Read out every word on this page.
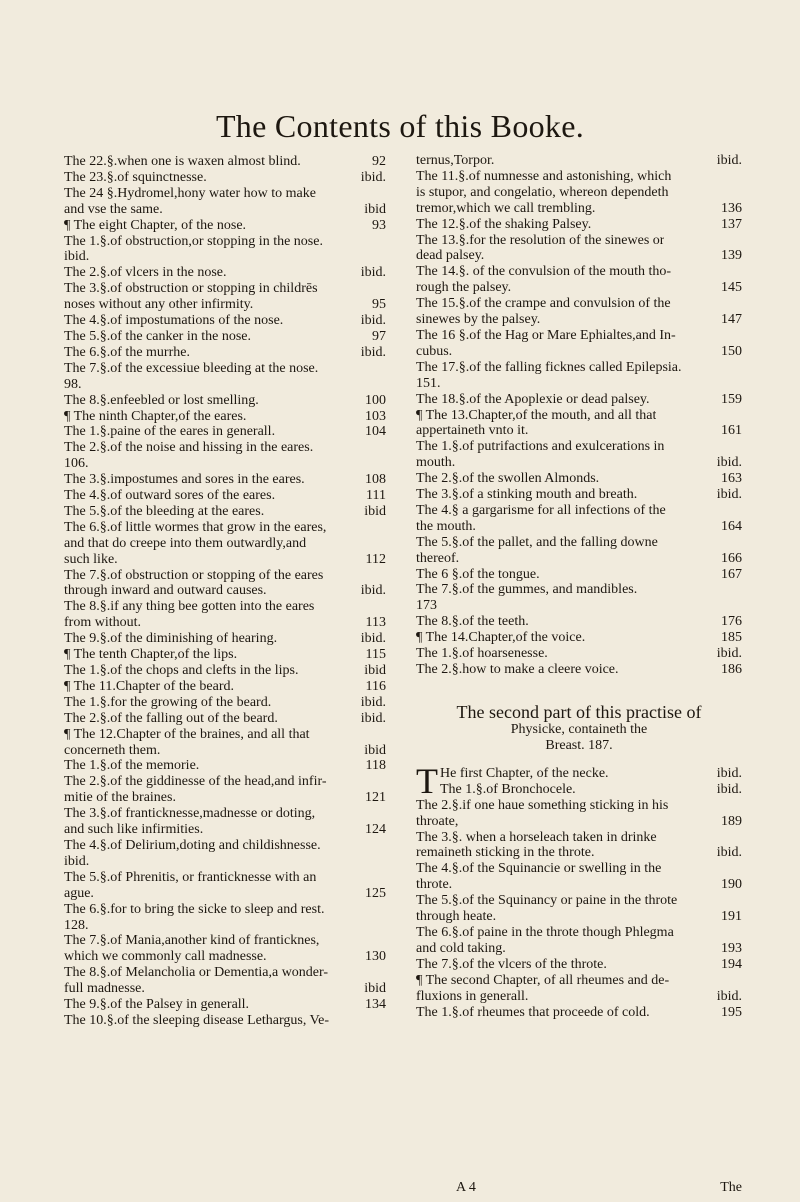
The Contents of this Booke.
The 22.§.when one is waxen almost blind.	92
The 23.§.of squinctnesse.	ibid.
The 24 §.Hydromel,hony water how to make
and vse the same.	ibid
¶ The eight Chapter, of the nose.	93
The 1.§.of obstruction,or stopping in the nose.
ibid.
The 2.§.of vlcers in the nose.	ibid.
The 3.§.of obstruction or stopping in childrēs
noses without any other infirmity.	95
The 4.§.of impostumations of the nose.	ibid.
The 5.§.of the canker in the nose.	97
The 6.§.of the murrhe.	ibid.
The 7.§.of the excessiue bleeding at the nose.
98.
The 8.§.enfeebled or lost smelling.	100
¶ The ninth Chapter,of the eares.	103
The 1.§.paine of the eares in generall.	104
The 2.§.of the noise and hissing in the eares.
106.
The 3.§.impostumes and sores in the eares.	108
The 4.§.of outward sores of the eares.	111
The 5.§.of the bleeding at the eares.	ibid
The 6.§.of little wormes that grow in the eares,
and that do creepe into them outwardly,and
such like.	112
The 7.§.of obstruction or stopping of the eares
through inward and outward causes.	ibid.
The 8.§.if any thing bee gotten into the eares
from without.	113
The 9.§.of the diminishing of hearing.	ibid.
¶ The tenth Chapter,of the lips.	115
The 1.§.of the chops and clefts in the lips.	ibid
¶ The 11.Chapter of the beard.	116
The 1.§.for the growing of the beard.	ibid.
The 2.§.of the falling out of the beard.	ibid.
¶ The 12.Chapter of the braines, and all that
concerneth them.	ibid
The 1.§.of the memorie.	118
The 2.§.of the giddinesse of the head,and infir-
mitie of the braines.	121
The 3.§.of franticknesse,madnesse or doting,
and such like infirmities.	124
The 4.§.of Delirium,doting and childishnesse.
ibid.
The 5.§.of Phrenitis, or franticknesse with an
ague.	125
The 6.§.for to bring the sicke to sleep and rest.
128.
The 7.§.of Mania,another kind of franticknes,
which we commonly call madnesse.	130
The 8.§.of Melancholia or Dementia,a wonder-
full madnesse.	ibid
The 9.§.of the Palsey in generall.	134
The 10.§.of the sleeping disease Lethargus, Ve-
ternus,Torpor.	ibid.
The 11.§.of numnesse and astonishing, which
is stupor, and congelatio, whereon dependeth
tremor,which we call trembling.	136
The 12.§.of the shaking Palsey.	137
The 13.§.for the resolution of the sinewes or
dead palsey.	139
The 14.§. of the convulsion of the mouth tho-
rough the palsey.	145
The 15.§.of the crampe and convulsion of the
sinewes by the palsey.	147
The 16 §.of the Hag or Mare Ephialtes,and In-
cubus.	150
The 17.§.of the falling ficknes called Epilepsia.
151.
The 18.§.of the Apoplexie or dead palsey.	159
¶ The 13.Chapter,of the mouth, and all that
appertaineth vnto it.	161
The 1.§.of putrifactions and exulcerations in
mouth.	ibid.
The 2.§.of the swollen Almonds.	163
The 3.§.of a stinking mouth and breath.	ibid.
The 4.§ a gargarisme for all infections of the
the mouth.	164
The 5.§.of the pallet, and the falling downe
thereof.	166
The 6 §.of the tongue.	167
The 7.§.of the gummes, and mandibles.
173
The 8.§.of the teeth.	176
¶ The 14.Chapter,of the voice.	185
The 1.§.of hoarsenesse.	ibid.
The 2.§.how to make a cleere voice.	186
The second part of this practise of
Physicke, containeth the
Breast. 187.
T He first Chapter, of the necke.	ibid.
The 1.§.of Bronchocele.	ibid.
The 2.§.if one haue something sticking in his
throate,	189
The 3.§. when a horseleach taken in drinke
remaineth sticking in the throte.	ibid.
The 4.§.of the Squinancie or swelling in the
throte.	190
The 5.§.of the Squinancy or paine in the throte
through heate.	191
The 6.§.of paine in the throte though Phlegma
and cold taking.	193
The 7.§.of the vlcers of the throte.	194
¶ The second Chapter, of all rheumes and de-
fluxions in generall.	ibid.
The 1.§.of rheumes that proceede of cold.	195
A 4	The
